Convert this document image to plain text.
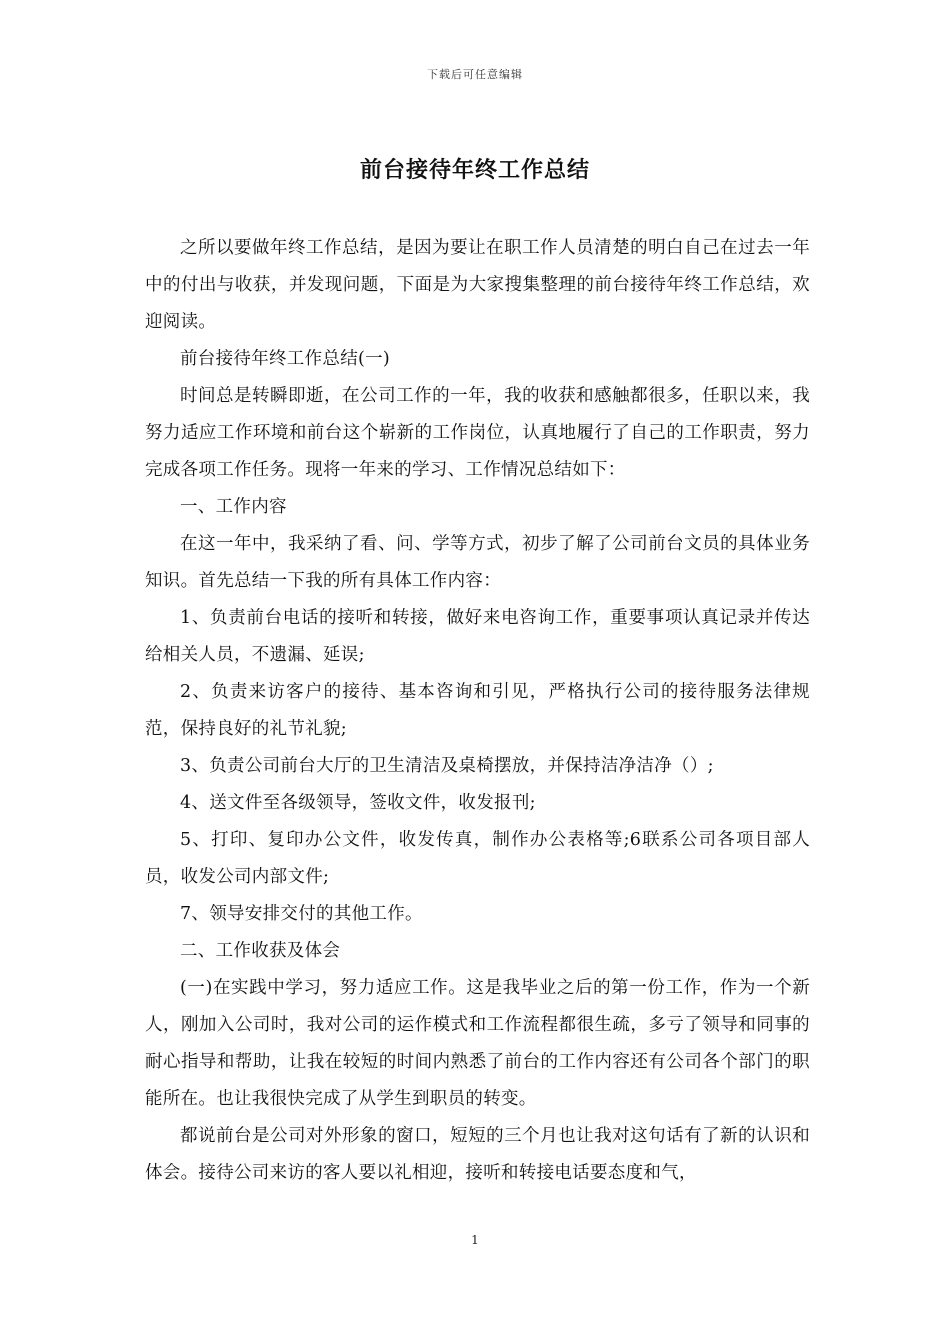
下载后可任意编辑
前台接待年终工作总结

之所以要做年终工作总结，是因为要让在职工作人员清楚的明白自己在过去一年中的付出与收获，并发现问题，下面是为大家搜集整理的前台接待年终工作总结，欢迎阅读。

前台接待年终工作总结(一)

时间总是转瞬即逝，在公司工作的一年，我的收获和感触都很多，任职以来，我努力适应工作环境和前台这个崭新的工作岗位，认真地履行了自己的工作职责，努力完成各项工作任务。现将一年来的学习、工作情况总结如下：

一、工作内容

在这一年中，我采纳了看、问、学等方式，初步了解了公司前台文员的具体业务知识。首先总结一下我的所有具体工作内容：

1、负责前台电话的接听和转接，做好来电咨询工作，重要事项认真记录并传达给相关人员，不遗漏、延误;

2、负责来访客户的接待、基本咨询和引见，严格执行公司的接待服务法律规范，保持良好的礼节礼貌;

3、负责公司前台大厅的卫生清洁及桌椅摆放，并保持洁净洁净（）;

4、送文件至各级领导，签收文件，收发报刊;

5、打印、复印办公文件，收发传真，制作办公表格等;6联系公司各项目部人员，收发公司内部文件;

7、领导安排交付的其他工作。

二、工作收获及体会

(一)在实践中学习，努力适应工作。这是我毕业之后的第一份工作，作为一个新人，刚加入公司时，我对公司的运作模式和工作流程都很生疏，多亏了领导和同事的耐心指导和帮助，让我在较短的时间内熟悉了前台的工作内容还有公司各个部门的职能所在。也让我很快完成了从学生到职员的转变。

都说前台是公司对外形象的窗口，短短的三个月也让我对这句话有了新的认识和体会。接待公司来访的客人要以礼相迎，接听和转接电话要态度和气，

1
